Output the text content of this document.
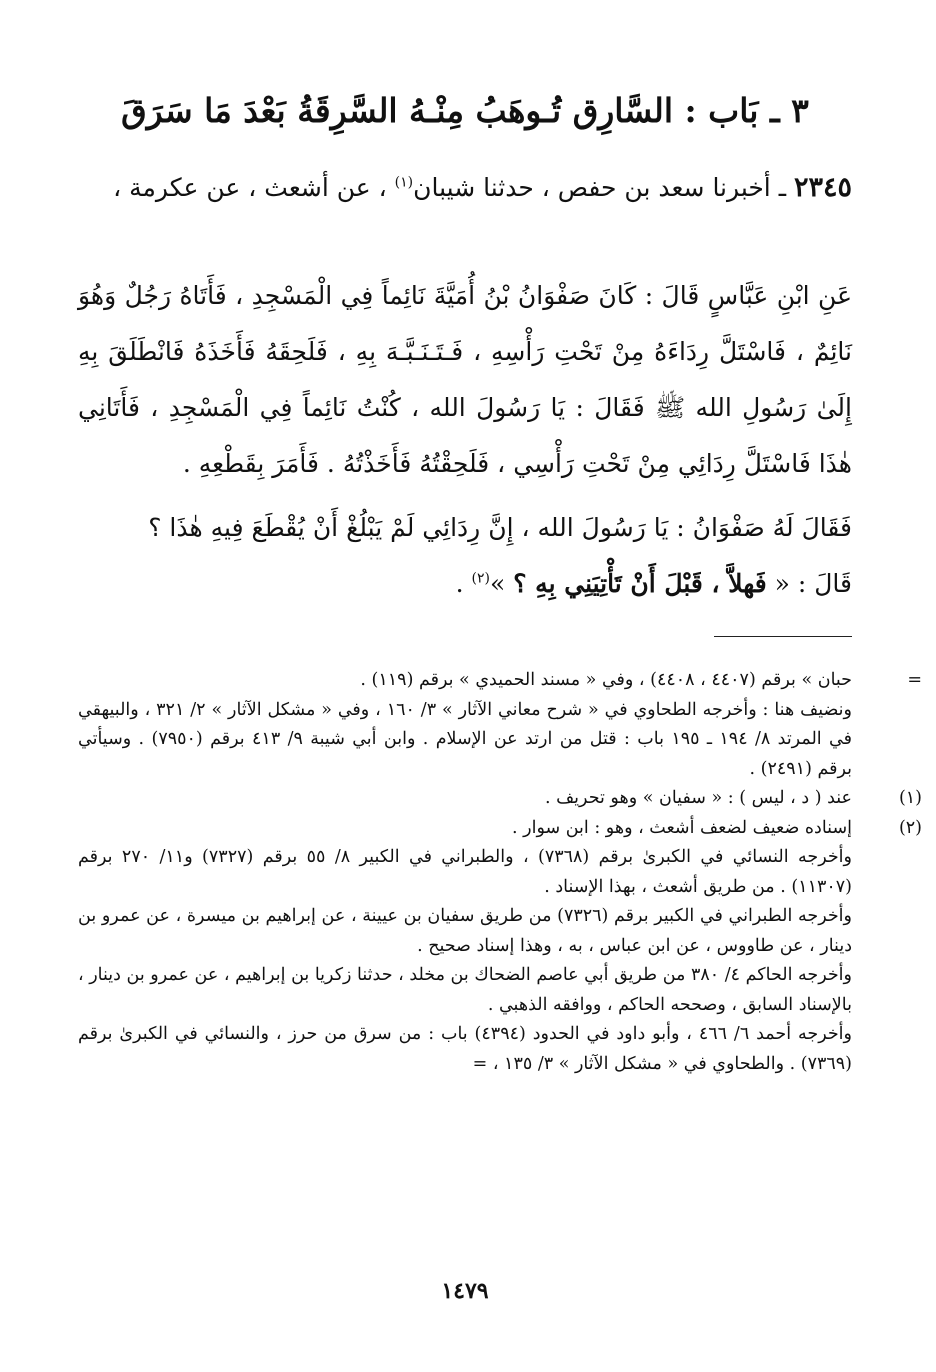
٣ ـ بَاب : السَّارِق تُـوهَبُ مِنْـهُ السَّرِقَةُ بَعْدَ مَا سَرَقَ

٢٣٤٥ ـ أخبرنا سعد بن حفص ، حدثنا شيبان$^{(١)}$ ، عن أشعث ، عن عكرمة ،

عَنِ ابْنِ عَبَّاسٍ قَالَ : كَانَ صَفْوَانُ بْنُ أُمَيَّةَ نَائِماً فِي الْمَسْجِدِ ، فَأَتَاهُ رَجُلٌ وَهُوَ نَائِمٌ ، فَاسْتَلَّ رِدَاءَهُ مِنْ تَحْتِ رَأْسِهِ ، فَـتَـنَـبَّـهَ بِهِ ، فَلَحِقَهُ فَأَخَذَهُ فَانْطَلَقَ بِهِ إِلَىٰ رَسُولِ الله ﷺ فَقَالَ : يَا رَسُولَ الله ، كُنْتُ نَائِماً فِي الْمَسْجِدِ ، فَأَتَانِي هٰذَا فَاسْتَلَّ رِدَائِي مِنْ تَحْتِ رَأْسِي ، فَلَحِقْتُهُ فَأَخَذْتُهُ . فَأَمَرَ بِقَطْعِهِ .

فَقَالَ لَهُ صَفْوَانُ : يَا رَسُولَ الله ، إِنَّ رِدَائِي لَمْ يَبْلُغْ أَنْ يُقْطَعَ فِيهِ هٰذَا ؟

قَالَ : « فَهلاَّ ، قَبْلَ أَنْ تَأْتِيَنِي بِهِ ؟ »$^{(٢)}$ .

=

حبان » برقم (٤٤٠٧ ، ٤٤٠٨) ، وفي « مسند الحميدي » برقم (١١٩) .

ونضيف هنا : وأخرجه الطحاوي في « شرح معاني الآثار » ٣/ ١٦٠ ، وفي « مشكل الآثار » ٢/ ٣٢١ ، والبيهقي في المرتد ٨/ ١٩٤ ـ ١٩٥ باب : قتل من ارتد عن الإسلام . وابن أبي شيبة ٩/ ٤١٣ برقم (٧٩٥٠) . وسيأتي برقم (٢٤٩١) .

(١)

عند ( د ، ليس ) : « سفيان » وهو تحريف .

(٢)

إسناده ضعيف لضعف أشعث ، وهو : ابن سوار .

وأخرجه النسائي في الكبرىٰ برقم (٧٣٦٨) ، والطبراني في الكبير ٨/ ٥٥ برقم (٧٣٢٧) و١١/ ٢٧٠ برقم (١١٣٠٧) . من طريق أشعث ، بهذا الإسناد .

وأخرجه الطبراني في الكبير برقم (٧٣٢٦) من طريق سفيان بن عيينة ، عن إبراهيم بن ميسرة ، عن عمرو بن دينار ، عن طاووس ، عن ابن عباس ، به ، وهذا إسناد صحيح .

وأخرجه الحاكم ٤/ ٣٨٠ من طريق أبي عاصم الضحاك بن مخلد ، حدثنا زكريا بن إبراهيم ، عن عمرو بن دينار ، بالإسناد السابق ، وصححه الحاكم ، ووافقه الذهبي .

وأخرجه أحمد ٦/ ٤٦٦ ، وأبو داود في الحدود (٤٣٩٤) باب : من سرق من حرز ، والنسائي في الكبرىٰ برقم (٧٣٦٩) . والطحاوي في « مشكل الآثار » ٣/ ١٣٥ ، =

١٤٧٩
